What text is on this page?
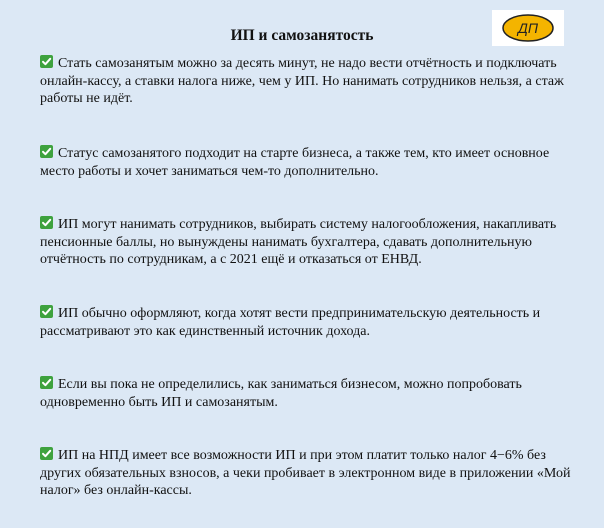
ИП и самозанятость	ДП

Стать самозанятым можно за десять минут, не надо вести отчётность и подключать онлайн-кассу, а ставки налога ниже, чем у ИП. Но нанимать сотрудников нельзя, а стаж работы не идёт.

Статус самозанятого подходит на старте бизнеса, а также тем, кто имеет основное место работы и хочет заниматься чем-то дополнительно.

ИП могут нанимать сотрудников, выбирать систему налогообложения, накапливать пенсионные баллы, но вынуждены нанимать бухгалтера, сдавать дополнительную отчётность по сотрудникам, а с 2021 ещё и отказаться от ЕНВД.

ИП обычно оформляют, когда хотят вести предпринимательскую деятельность и рассматривают это как единственный источник дохода.

Если вы пока не определились, как заниматься бизнесом, можно попробовать одновременно быть ИП и самозанятым.

ИП на НПД имеет все возможности ИП и при этом платит только налог 4−6% без других обязательных взносов, а чеки пробивает в электронном виде в приложении «Мой налог» без онлайн-кассы.
